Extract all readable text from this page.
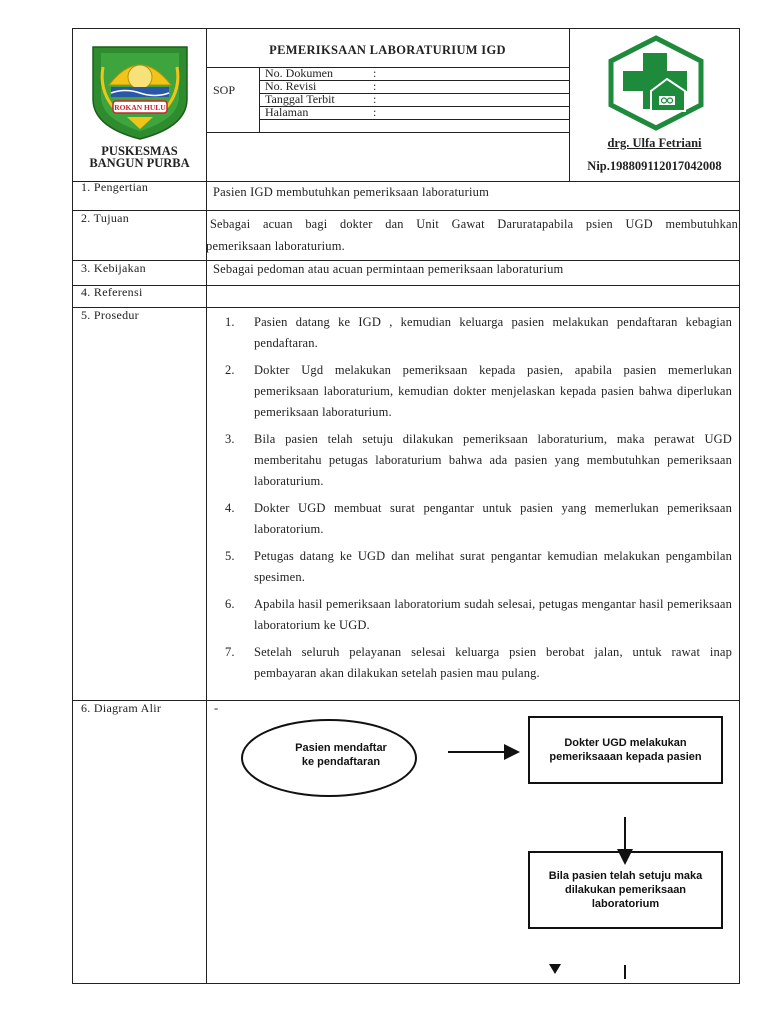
ROKAN HULU
PEMERIKSAAN LABORATURIUM IGD
SOP
No. Dokumen	:
No. Revisi	:
Tanggal Terbit	:
Halaman	:
PUSKESMAS
BANGUN PURBA
drg. Ulfa Fetriani
Nip.198809112017042008
1. Pengertian	Pasien IGD membutuhkan pemeriksaan laboraturium
2. Tujuan	Sebagai acuan bagi dokter dan Unit Gawat Daruratapabila psien UGD membutuhkan
pemeriksaan laboraturium.
3. Kebijakan	Sebagai pedoman atau acuan permintaan pemeriksaan laboraturium
4. Referensi
5. Prosedur	1.	Pasien datang ke IGD , kemudian keluarga pasien melakukan pendaftaran kebagian pendaftaran.
2.	Dokter Ugd melakukan pemeriksaan kepada pasien, apabila pasien memerlukan pemeriksaan laboraturium, kemudian dokter menjelaskan kepada pasien bahwa diperlukan pemeriksaan laboraturium.
3.	Bila pasien telah setuju dilakukan pemeriksaan laboraturium, maka perawat UGD memberitahu petugas laboraturium bahwa ada pasien yang membutuhkan pemeriksaan laboraturium.
4.	Dokter UGD membuat surat pengantar untuk pasien yang memerlukan pemeriksaan laboratorium.
5.	Petugas datang ke UGD dan melihat surat pengantar kemudian melakukan pengambilan spesimen.
6.	Apabila hasil pemeriksaan laboratorium sudah selesai, petugas mengantar hasil pemeriksaan laboratorium ke UGD.
7.	Setelah seluruh pelayanan selesai keluarga psien berobat jalan, untuk rawat inap pembayaran akan dilakukan setelah pasien mau pulang.
6. Diagram Alir	-
Pasien mendaftar
ke pendaftaran
Dokter UGD melakukan
pemeriksaaan kepada pasien
Bila pasien telah setuju maka
dilakukan pemeriksaan
laboratorium
